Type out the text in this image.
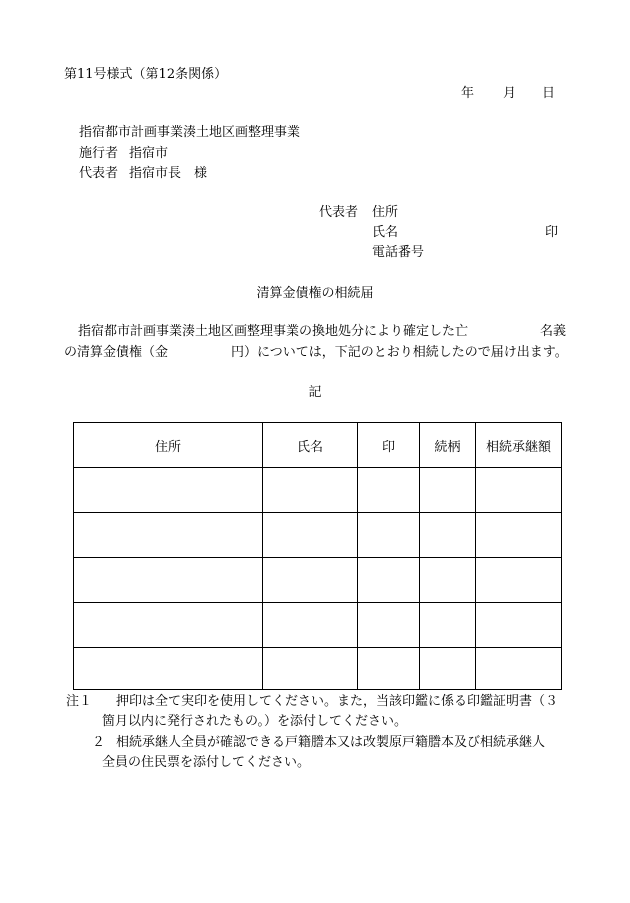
第11号様式（第12条関係）
年 月 日
指宿都市計画事業湊土地区画整理事業
施行者 指宿市
代表者 指宿市長　様
代表者 住所
氏名	印
電話番号
清算金債権の相続届
指宿都市計画事業湊土地区画整理事業の換地処分により確定した亡	名義
の清算金債権（金	円）については，下記のとおり相続したので届け出ます。
記
住所	氏名	印	続柄	相続承継額

注１ 押印は全て実印を使用してください。また，当該印鑑に係る印鑑証明書（３
箇月以内に発行されたもの。）を添付してください。
２ 相続承継人全員が確認できる戸籍謄本又は改製原戸籍謄本及び相続承継人
全員の住民票を添付してください。
